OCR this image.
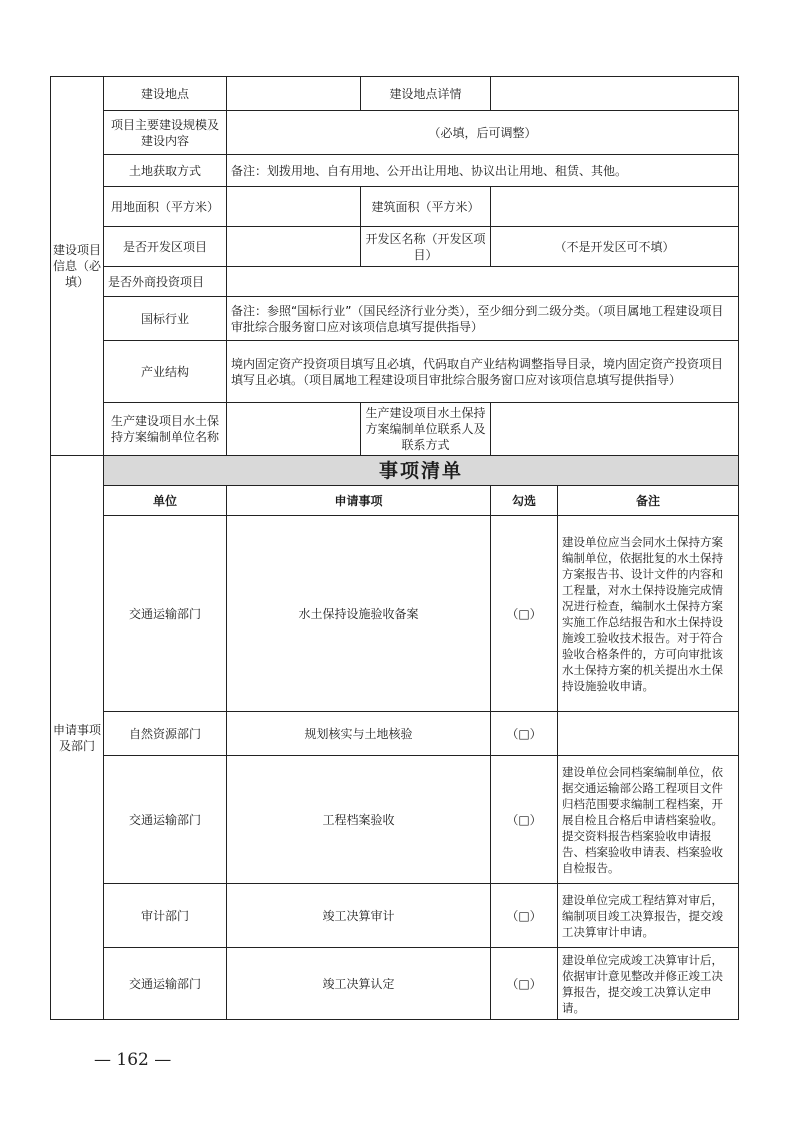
建设项目信息（必填）	建设地点		建设地点详情		
	项目主要建设规模及建设内容	（必填，后可调整）			
	土地获取方式	备注：划拨用地、自有用地、公开出让用地、协议出让用地、租赁、其他。			
	用地面积（平方米）		建筑面积（平方米）		
	是否开发区项目		开发区名称（开发区项目）	（不是开发区可不填）	
	是否外商投资项目				
	国标行业	备注：参照“国标行业”（国民经济行业分类），至少细分到二级分类。（项目属地工程建设项目审批综合服务窗口应对该项信息填写提供指导）			
	产业结构	境内固定资产投资项目填写且必填，代码取自产业结构调整指导目录，境内固定资产投资项目填写且必填。（项目属地工程建设项目审批综合服务窗口应对该项信息填写提供指导）			
	生产建设项目水土保持方案编制单位名称		生产建设项目水土保持方案编制单位联系人及联系方式		
申请事项及部门	事项清单				
	单位	申请事项		勾选	备注
	交通运输部门	水土保持设施验收备案		（□）	建设单位应当会同水土保持方案编制单位，依据批复的水土保持方案报告书、设计文件的内容和工程量，对水土保持设施完成情况进行检查，编制水土保持方案实施工作总结报告和水土保持设施竣工验收技术报告。对于符合验收合格条件的，方可向审批该水土保持方案的机关提出水土保持设施验收申请。
	自然资源部门	规划核实与土地核验		（□）	
	交通运输部门	工程档案验收		（□）	建设单位会同档案编制单位，依据交通运输部公路工程项目文件归档范围要求编制工程档案，开展自检且合格后申请档案验收。提交资料报告档案验收申请报告、档案验收申请表、档案验收自检报告。
	审计部门	竣工决算审计		（□）	建设单位完成工程结算对审后，编制项目竣工决算报告，提交竣工决算审计申请。
	交通运输部门	竣工决算认定		（□）	建设单位完成竣工决算审计后，依据审计意见整改并修正竣工决算报告，提交竣工决算认定申请。
— 162 —
